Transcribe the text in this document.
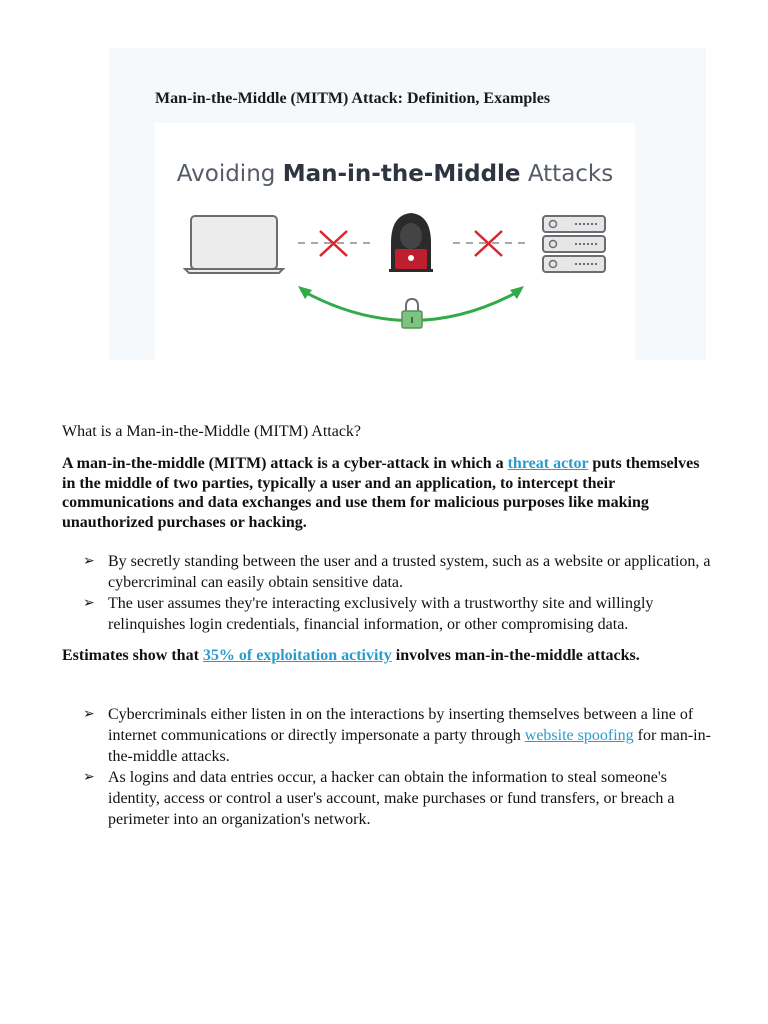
Man-in-the-Middle (MITM) Attack: Definition, Examples
Avoiding Man-in-the-Middle Attacks

What is a Man-in-the-Middle (MITM) Attack?

A man-in-the-middle (MITM) attack is a cyber-attack in which a threat actor puts themselves in the middle of two parties, typically a user and an application, to intercept their communications and data exchanges and use them for malicious purposes like making unauthorized purchases or hacking.

➢ By secretly standing between the user and a trusted system, such as a website or application, a cybercriminal can easily obtain sensitive data.
➢ The user assumes they're interacting exclusively with a trustworthy site and willingly relinquishes login credentials, financial information, or other compromising data.

Estimates show that 35% of exploitation activity involves man-in-the-middle attacks.

➢ Cybercriminals either listen in on the interactions by inserting themselves between a line of internet communications or directly impersonate a party through website spoofing for man-in-the-middle attacks.
➢ As logins and data entries occur, a hacker can obtain the information to steal someone's identity, access or control a user's account, make purchases or fund transfers, or breach a perimeter into an organization's network.
